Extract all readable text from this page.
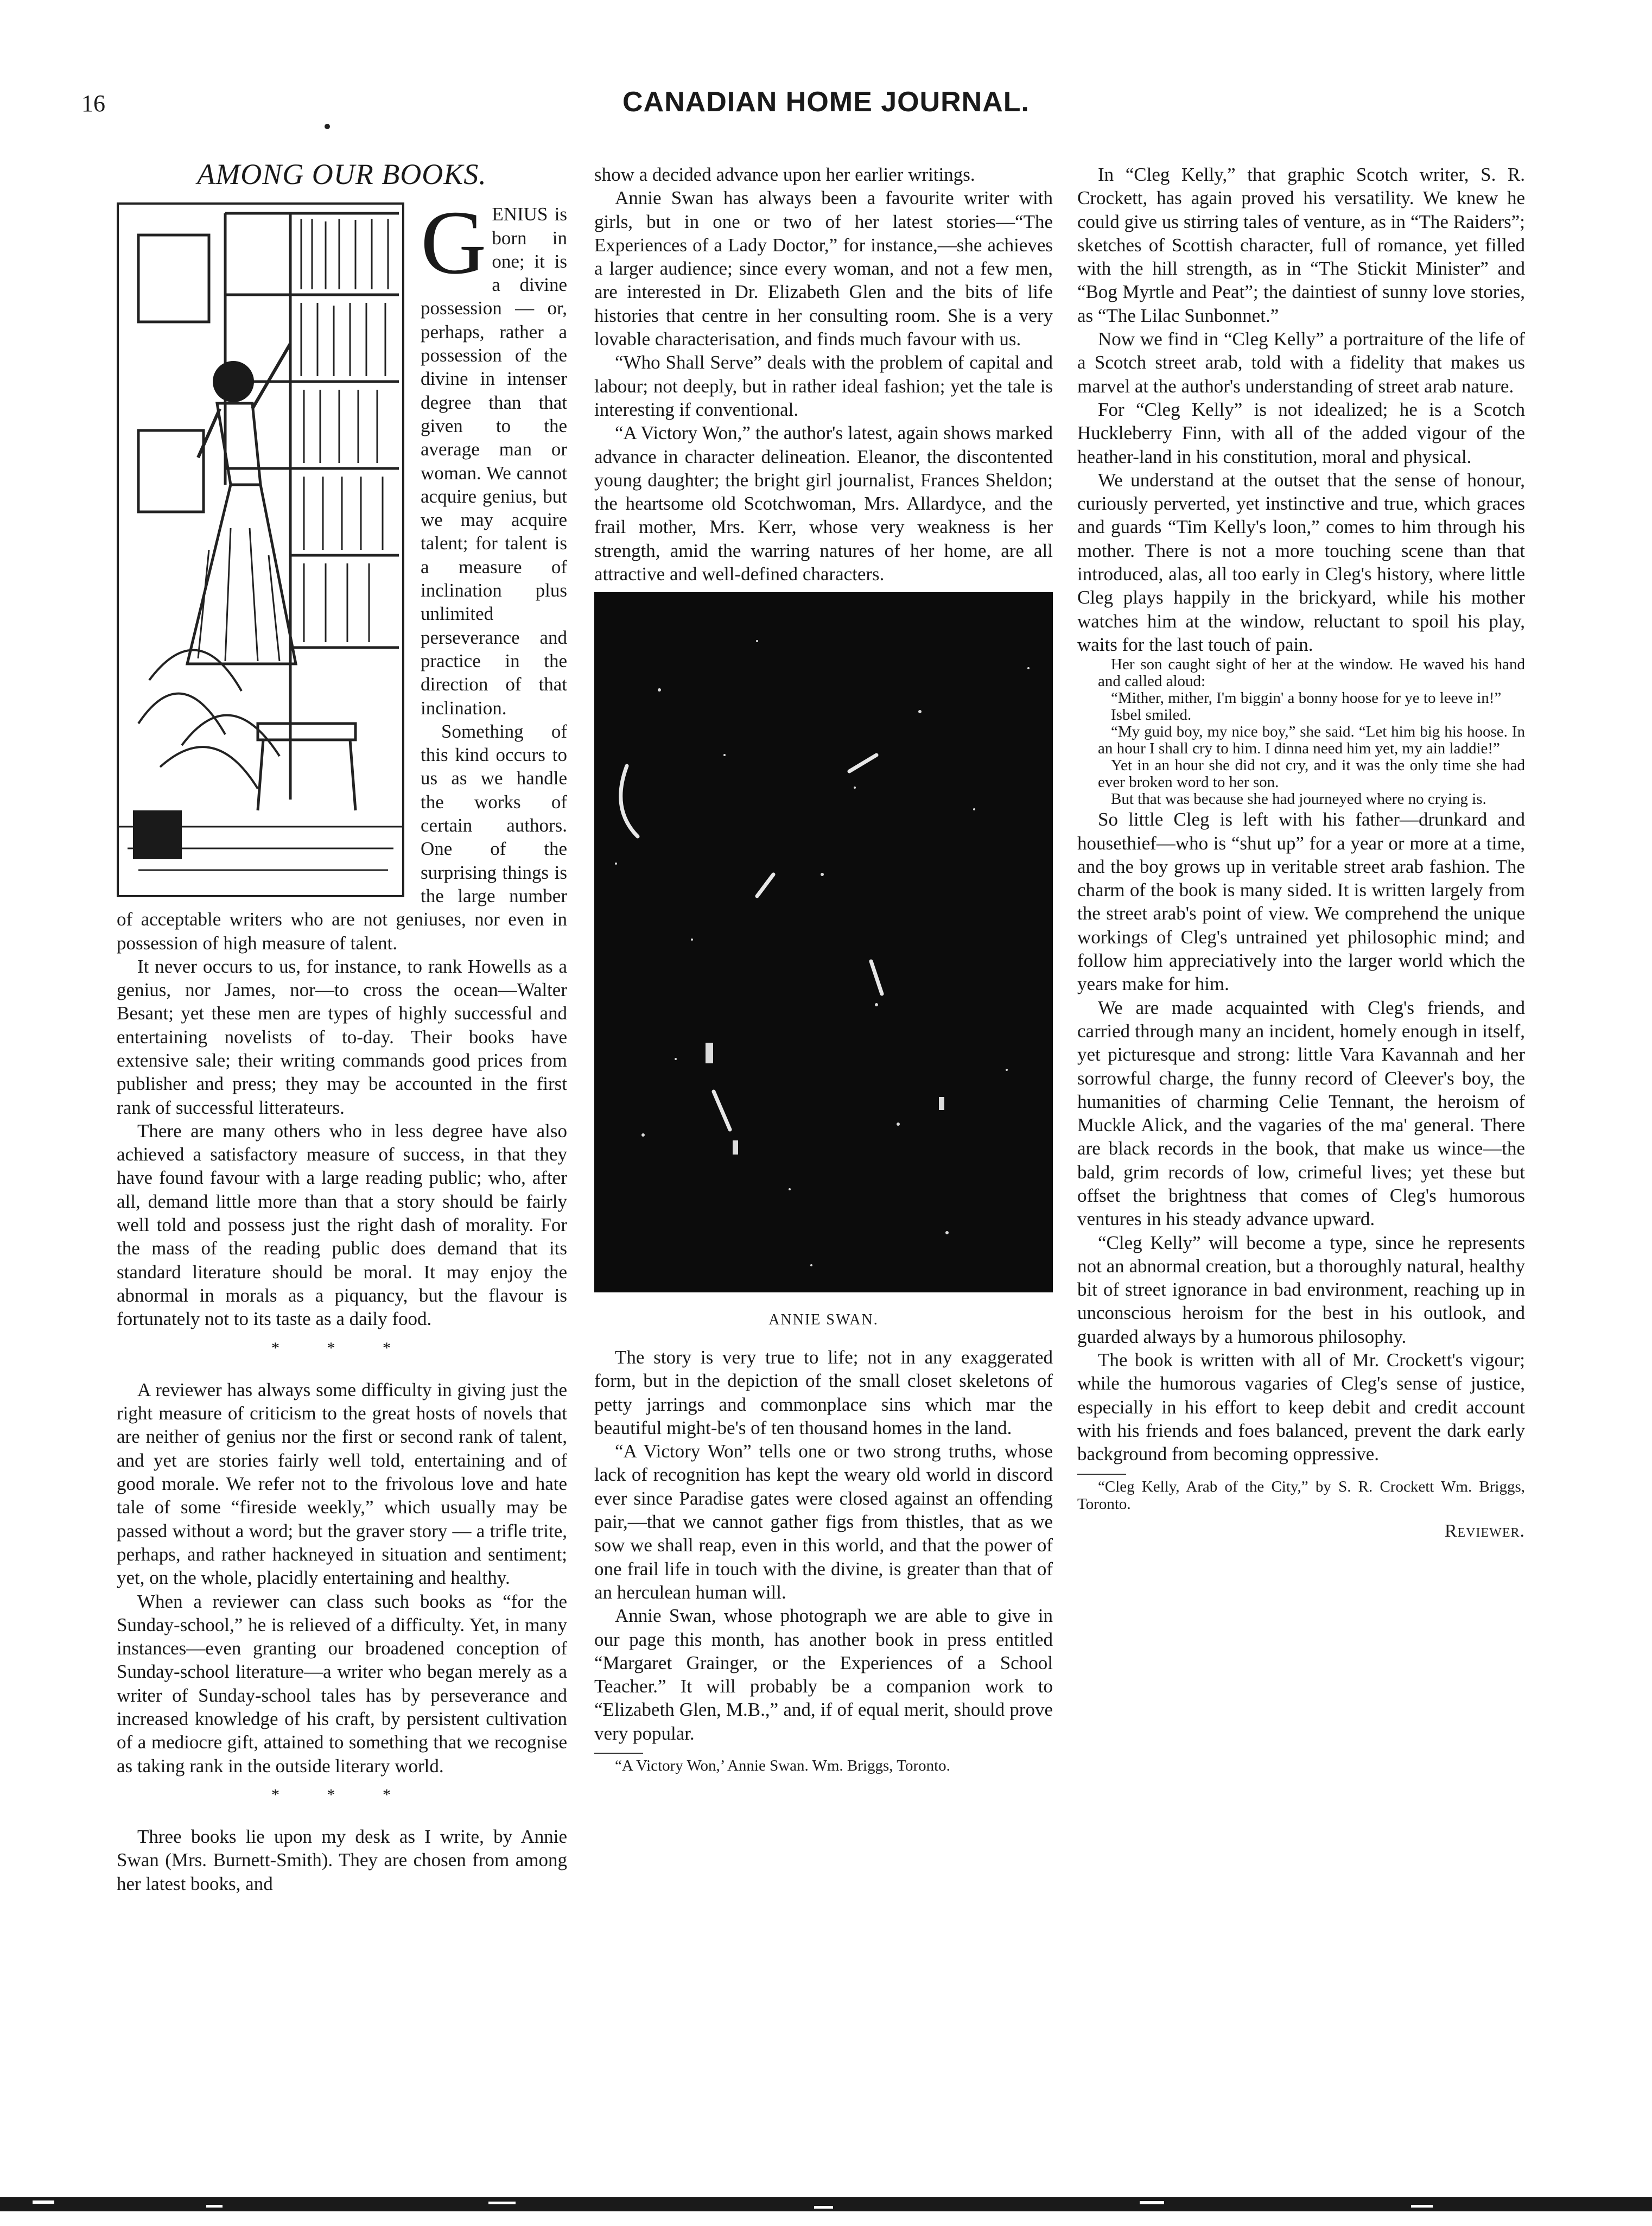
16	CANADIAN HOME JOURNAL.
AMONG OUR BOOKS.
G ENIUS is born in one; it is a divine possession — or, perhaps, rather a possession of the divine in intenser degree than that given to the average man or woman. We cannot acquire genius, but we may acquire talent; for talent is a measure of inclination plus unlimited perseverance and practice in the direction of that inclination.

Something of this kind occurs to us as we handle the works of certain authors. One of the surprising things is the large number of acceptable writers who are not geniuses, nor even in possession of high measure of talent.

It never occurs to us, for instance, to rank Howells as a genius, nor James, nor—to cross the ocean—Walter Besant; yet these men are types of highly successful and entertaining novelists of to-day. Their books have extensive sale; their writing commands good prices from publisher and press; they may be accounted in the first rank of successful litterateurs.

There are many others who in less degree have also achieved a satisfactory measure of success, in that they have found favour with a large reading public; who, after all, demand little more than that a story should be fairly well told and possess just the right dash of morality. For the mass of the reading public does demand that its standard literature should be moral. It may enjoy the abnormal in morals as a piquancy, but the flavour is fortunately not to its taste as a daily food.

* * *

A reviewer has always some difficulty in giving just the right measure of criticism to the great hosts of novels that are neither of genius nor the first or second rank of talent, and yet are stories fairly well told, entertaining and of good morale. We refer not to the frivolous love and hate tale of some “fireside weekly,” which usually may be passed without a word; but the graver story — a trifle trite, perhaps, and rather hackneyed in situation and sentiment; yet, on the whole, placidly entertaining and healthy.

When a reviewer can class such books as “for the Sunday-school,” he is relieved of a difficulty. Yet, in many instances—even granting our broadened conception of Sunday-school literature—a writer who began merely as a writer of Sunday-school tales has by perseverance and increased knowledge of his craft, by persistent cultivation of a mediocre gift, attained to something that we recognise as taking rank in the outside literary world.

* * *

Three books lie upon my desk as I write, by Annie Swan (Mrs. Burnett-Smith). They are chosen from among her latest books, and

show a decided advance upon her earlier writings.

Annie Swan has always been a favourite writer with girls, but in one or two of her latest stories—“The Experiences of a Lady Doctor,” for instance,—she achieves a larger audience; since every woman, and not a few men, are interested in Dr. Elizabeth Glen and the bits of life histories that centre in her consulting room. She is a very lovable characterisation, and finds much favour with us.

“Who Shall Serve” deals with the problem of capital and labour; not deeply, but in rather ideal fashion; yet the tale is interesting if conventional.

“A Victory Won,” the author's latest, again shows marked advance in character delineation. Eleanor, the discontented young daughter; the bright girl journalist, Frances Sheldon; the heartsome old Scotchwoman, Mrs. Allardyce, and the frail mother, Mrs. Kerr, whose very weakness is her strength, amid the warring natures of her home, are all attractive and well-defined characters.

ANNIE SWAN.

The story is very true to life; not in any exaggerated form, but in the depiction of the small closet skeletons of petty jarrings and commonplace sins which mar the beautiful might-be's of ten thousand homes in the land.

“A Victory Won” tells one or two strong truths, whose lack of recognition has kept the weary old world in discord ever since Paradise gates were closed against an offending pair,—that we cannot gather figs from thistles, that as we sow we shall reap, even in this world, and that the power of one frail life in touch with the divine, is greater than that of an herculean human will.

Annie Swan, whose photograph we are able to give in our page this month, has another book in press entitled “Margaret Grainger, or the Experiences of a School Teacher.” It will probably be a companion work to “Elizabeth Glen, M.B.,” and, if of equal merit, should prove very popular.

“A Victory Won,’ Annie Swan. Wm. Briggs, Toronto.

In “Cleg Kelly,” that graphic Scotch writer, S. R. Crockett, has again proved his versatility. We knew he could give us stirring tales of venture, as in “The Raiders”; sketches of Scottish character, full of romance, yet filled with the hill strength, as in “The Stickit Minister” and “Bog Myrtle and Peat”; the daintiest of sunny love stories, as “The Lilac Sunbonnet.”

Now we find in “Cleg Kelly” a portraiture of the life of a Scotch street arab, told with a fidelity that makes us marvel at the author's understanding of street arab nature.

For “Cleg Kelly” is not idealized; he is a Scotch Huckleberry Finn, with all of the added vigour of the heather-land in his constitution, moral and physical.

We understand at the outset that the sense of honour, curiously perverted, yet instinctive and true, which graces and guards “Tim Kelly's loon,” comes to him through his mother. There is not a more touching scene than that introduced, alas, all too early in Cleg's history, where little Cleg plays happily in the brickyard, while his mother watches him at the window, reluctant to spoil his play, waits for the last touch of pain.

Her son caught sight of her at the window. He waved his hand and called aloud:

“Mither, mither, I'm biggin' a bonny hoose for ye to leeve in!”

Isbel smiled.

“My guid boy, my nice boy,” she said. “Let him big his hoose. In an hour I shall cry to him. I dinna need him yet, my ain laddie!”

Yet in an hour she did not cry, and it was the only time she had ever broken word to her son.

But that was because she had journeyed where no crying is.

So little Cleg is left with his father—drunkard and housethief—who is “shut up” for a year or more at a time, and the boy grows up in veritable street arab fashion. The charm of the book is many sided. It is written largely from the street arab's point of view. We comprehend the unique workings of Cleg's untrained yet philosophic mind; and follow him appreciatively into the larger world which the years make for him.

We are made acquainted with Cleg's friends, and carried through many an incident, homely enough in itself, yet picturesque and strong: little Vara Kavannah and her sorrowful charge, the funny record of Cleever's boy, the humanities of charming Celie Tennant, the heroism of Muckle Alick, and the vagaries of the ma' general. There are black records in the book, that make us wince—the bald, grim records of low, crimeful lives; yet these but offset the brightness that comes of Cleg's humorous ventures in his steady advance upward.

“Cleg Kelly” will become a type, since he represents not an abnormal creation, but a thoroughly natural, healthy bit of street ignorance in bad environment, reaching up in unconscious heroism for the best in his outlook, and guarded always by a humorous philosophy.

The book is written with all of Mr. Crockett's vigour; while the humorous vagaries of Cleg's sense of justice, especially in his effort to keep debit and credit account with his friends and foes balanced, prevent the dark early background from becoming oppressive.

“Cleg Kelly, Arab of the City,” by S. R. Crockett Wm. Briggs, Toronto.

Reviewer.
